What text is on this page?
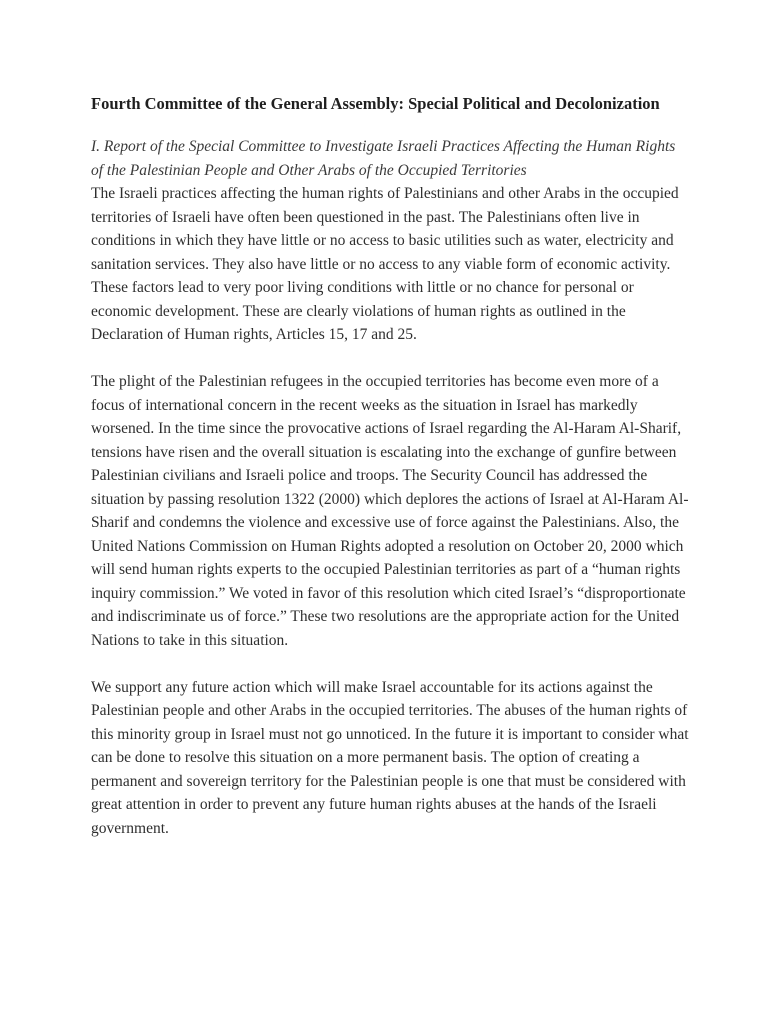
Fourth Committee of the General Assembly: Special Political and Decolonization

I. Report of the Special Committee to Investigate Israeli Practices Affecting the Human Rights of the Palestinian People and Other Arabs of the Occupied Territories

The Israeli practices affecting the human rights of Palestinians and other Arabs in the occupied territories of Israeli have often been questioned in the past. The Palestinians often live in conditions in which they have little or no access to basic utilities such as water, electricity and sanitation services. They also have little or no access to any viable form of economic activity. These factors lead to very poor living conditions with little or no chance for personal or economic development. These are clearly violations of human rights as outlined in the Declaration of Human rights, Articles 15, 17 and 25.

The plight of the Palestinian refugees in the occupied territories has become even more of a focus of international concern in the recent weeks as the situation in Israel has markedly worsened. In the time since the provocative actions of Israel regarding the Al-Haram Al-Sharif, tensions have risen and the overall situation is escalating into the exchange of gunfire between Palestinian civilians and Israeli police and troops. The Security Council has addressed the situation by passing resolution 1322 (2000) which deplores the actions of Israel at Al-Haram Al-Sharif and condemns the violence and excessive use of force against the Palestinians. Also, the United Nations Commission on Human Rights adopted a resolution on October 20, 2000 which will send human rights experts to the occupied Palestinian territories as part of a “human rights inquiry commission.” We voted in favor of this resolution which cited Israel’s “disproportionate and indiscriminate us of force.” These two resolutions are the appropriate action for the United Nations to take in this situation.

We support any future action which will make Israel accountable for its actions against the Palestinian people and other Arabs in the occupied territories. The abuses of the human rights of this minority group in Israel must not go unnoticed. In the future it is important to consider what can be done to resolve this situation on a more permanent basis. The option of creating a permanent and sovereign territory for the Palestinian people is one that must be considered with great attention in order to prevent any future human rights abuses at the hands of the Israeli government.
